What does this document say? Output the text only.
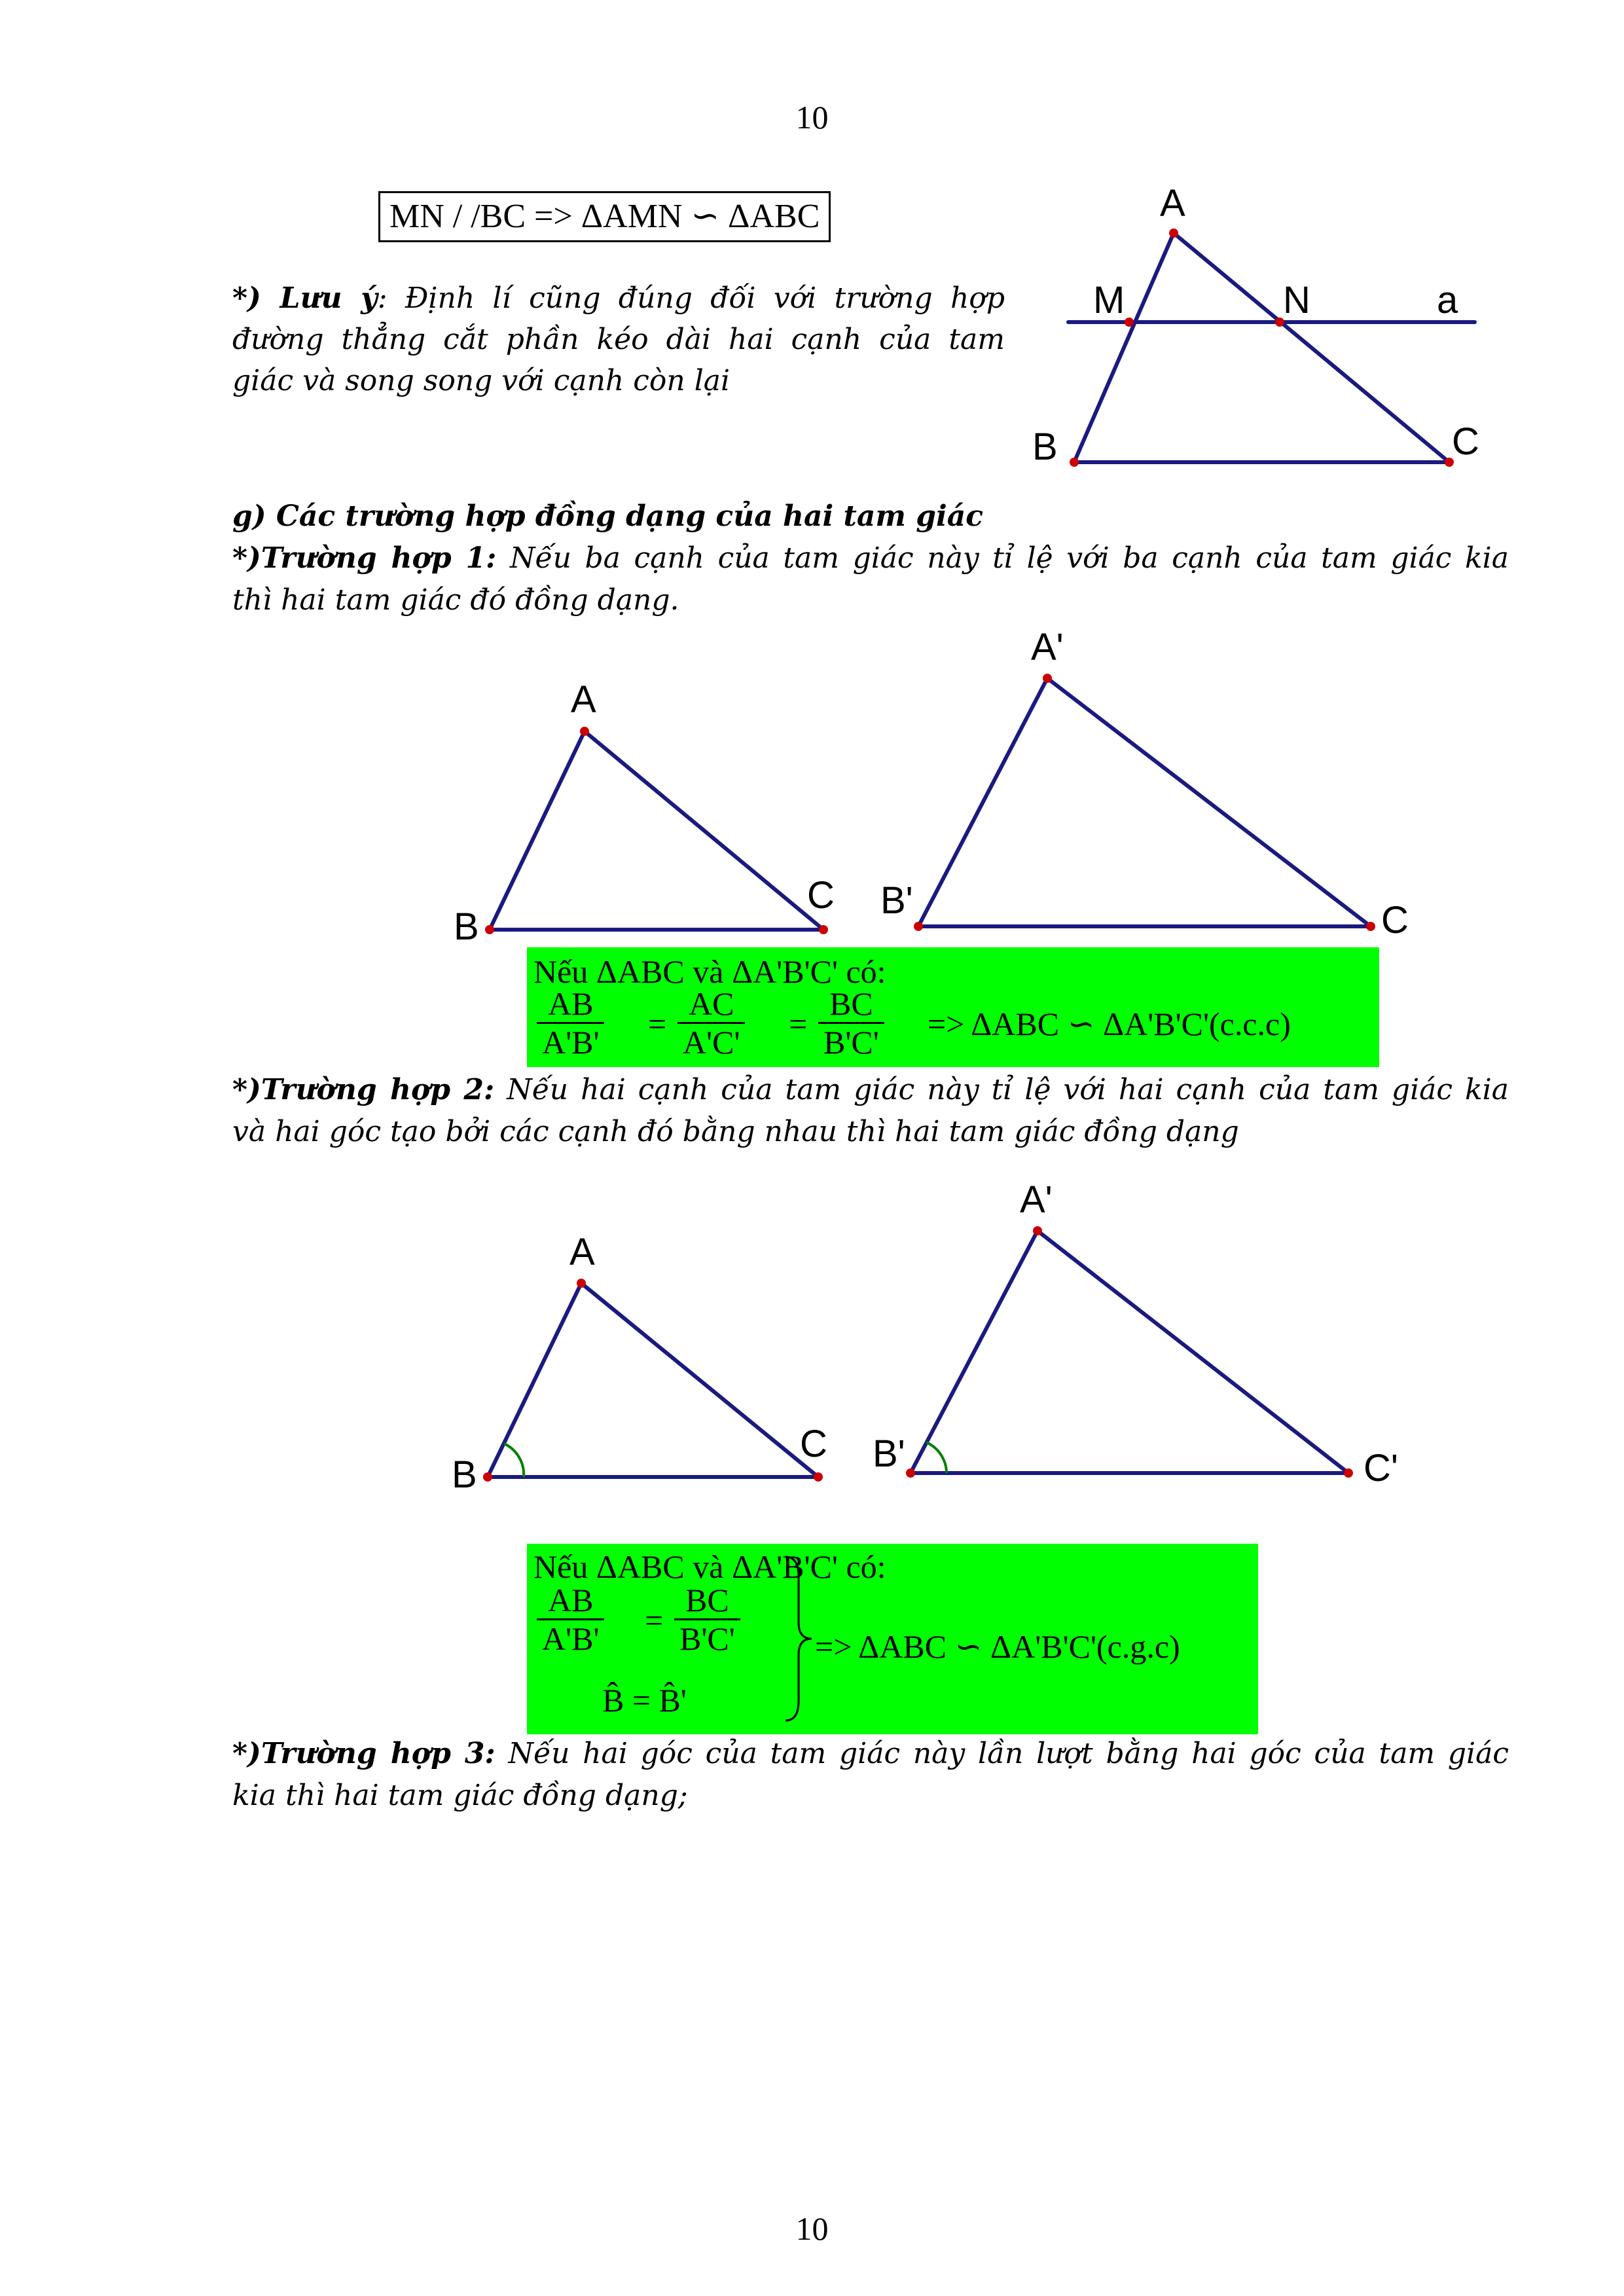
10
10
MN / /BC => ΔAMN ∽ ΔABC
*) Lưu ý: Định lí cũng đúng đối với trường hợp
đường thẳng cắt phần kéo dài hai cạnh của tam
giác và song song với cạnh còn lại
g) Các trường hợp đồng dạng của hai tam giác
*)Trường hợp 1: Nếu ba cạnh của tam giác này tỉ lệ với ba cạnh của tam giác kia
thì hai tam giác đó đồng dạng.
Nếu ΔABC và ΔA'B'C' có:
$\frac{AB}{A'B'} = \frac{AC}{A'C'} = \frac{BC}{B'C'} => \Delta ABC$ ∽ ΔA'B'C'(c.c.c)
*)Trường hợp 2: Nếu hai cạnh của tam giác này tỉ lệ với hai cạnh của tam giác kia
và hai góc tạo bởi các cạnh đó bằng nhau thì hai tam giác đồng dạng
Nếu ΔABC và ΔA'B'C' có:
$\frac{AB}{A'B'} = \frac{BC}{B'C'}$
B̂ = B̂'
=> ΔABC ∽ ΔA'B'C'(c.g.c)
*)Trường hợp 3: Nếu hai góc của tam giác này lần lượt bằng hai góc của tam giác
kia thì hai tam giác đồng dạng;
A
M	N	a
B	C
A
B
C
A'
B'	C
A
B
C
A'
B'	C'
